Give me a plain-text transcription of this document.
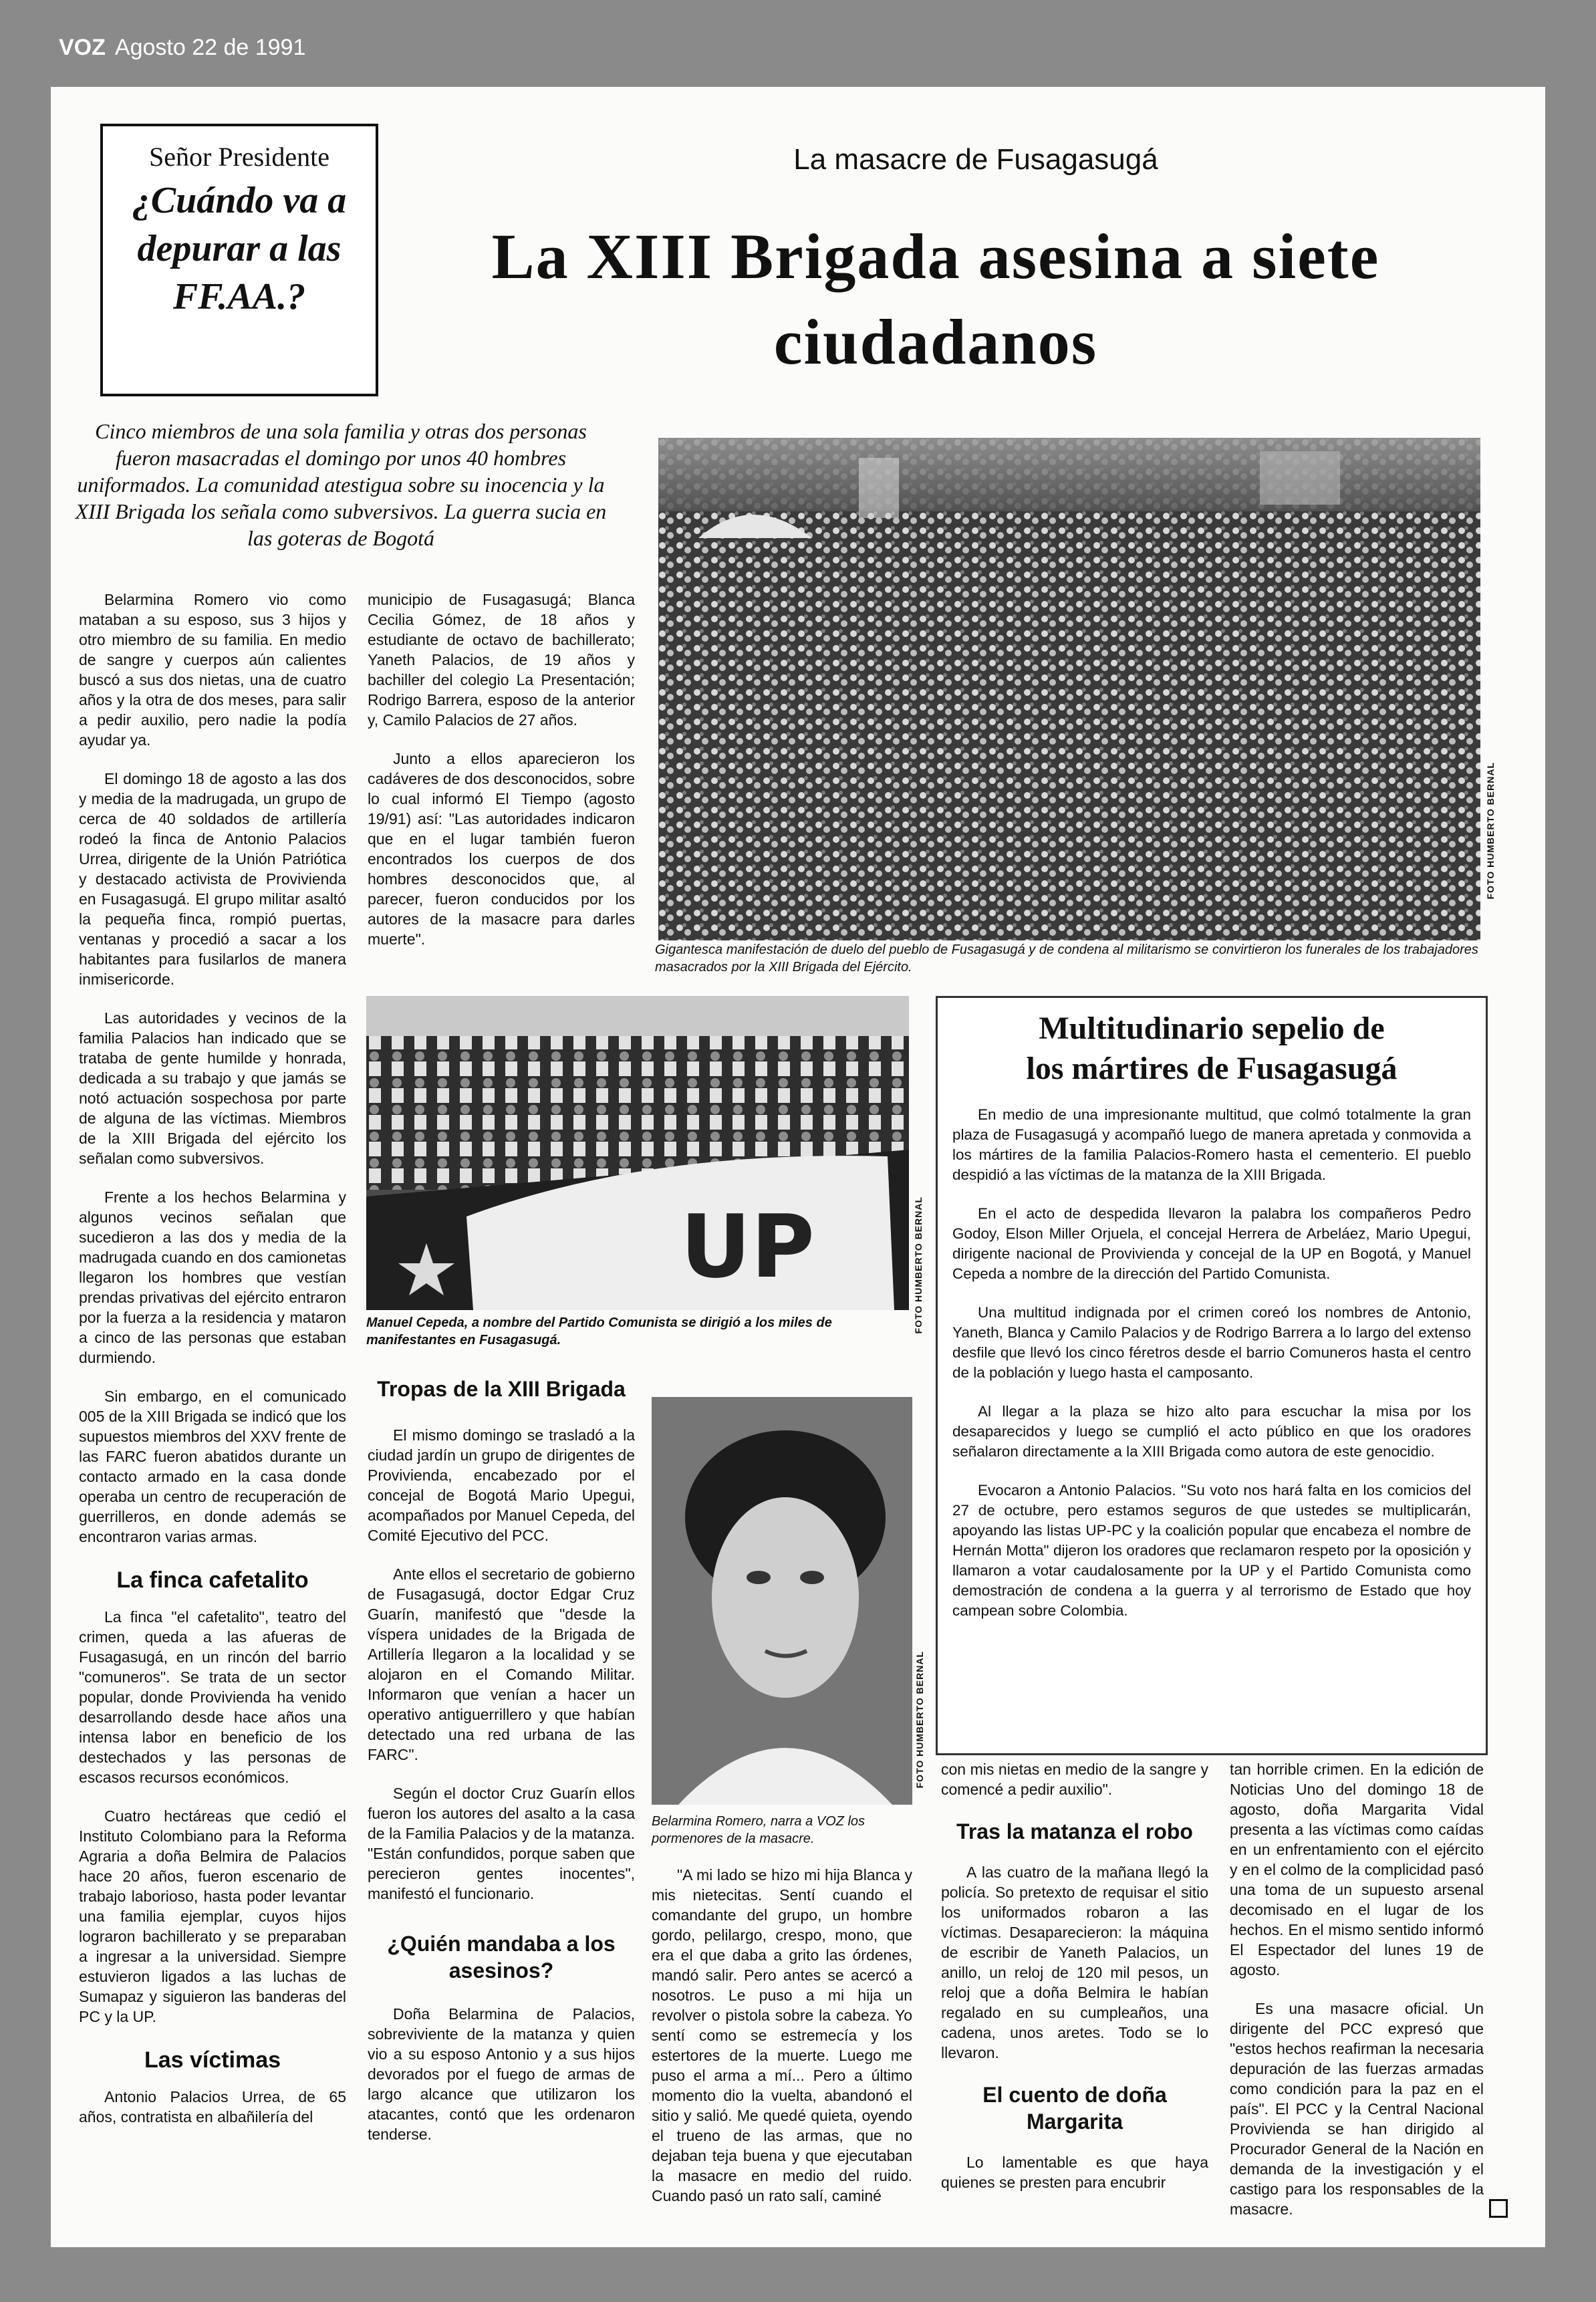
VOZ Agosto 22 de 1991
Señor Presidente
¿Cuándo va a depurar a las FF.AA.?
La masacre de Fusagasugá
La XIII Brigada asesina a siete ciudadanos
Cinco miembros de una sola familia y otras dos personas fueron masacradas el domingo por unos 40 hombres uniformados. La comunidad atestigua sobre su inocencia y la XIII Brigada los señala como subversivos. La guerra sucia en las goteras de Bogotá
FOTO HUMBERTO BERNAL
Gigantesca manifestación de duelo del pueblo de Fusagasugá y de condena al militarismo se convirtieron los funerales de los trabajadores masacrados por la XIII Brigada del Ejército.

Belarmina Romero vio como mataban a su esposo, sus 3 hijos y otro miembro de su familia. En medio de sangre y cuerpos aún calientes buscó a sus dos nietas, una de cuatro años y la otra de dos meses, para salir a pedir auxilio, pero nadie la podía ayudar ya.

El domingo 18 de agosto a las dos y media de la madrugada, un grupo de cerca de 40 soldados de artillería rodeó la finca de Antonio Palacios Urrea, dirigente de la Unión Patriótica y destacado activista de Provivienda en Fusagasugá. El grupo militar asaltó la pequeña finca, rompió puertas, ventanas y procedió a sacar a los habitantes para fusilarlos de manera inmisericorde.

Las autoridades y vecinos de la familia Palacios han indicado que se trataba de gente humilde y honrada, dedicada a su trabajo y que jamás se notó actuación sospechosa por parte de alguna de las víctimas. Miembros de la XIII Brigada del ejército los señalan como subversivos.

Frente a los hechos Belarmina y algunos vecinos señalan que sucedieron a las dos y media de la madrugada cuando en dos camionetas llegaron los hombres que vestían prendas privativas del ejército entraron por la fuerza a la residencia y mataron a cinco de las personas que estaban durmiendo.

Sin embargo, en el comunicado 005 de la XIII Brigada se indicó que los supuestos miembros del XXV frente de las FARC fueron abatidos durante un contacto armado en la casa donde operaba un centro de recuperación de guerrilleros, en donde además se encontraron varias armas.

La finca cafetalito

La finca "el cafetalito", teatro del crimen, queda a las afueras de Fusagasugá, en un rincón del barrio "comuneros". Se trata de un sector popular, donde Provivienda ha venido desarrollando desde hace años una intensa labor en beneficio de los destechados y las personas de escasos recursos económicos.

Cuatro hectáreas que cedió el Instituto Colombiano para la Reforma Agraria a doña Belmira de Palacios hace 20 años, fueron escenario de trabajo laborioso, hasta poder levantar una familia ejemplar, cuyos hijos lograron bachillerato y se preparaban a ingresar a la universidad. Siempre estuvieron ligados a las luchas de Sumapaz y siguieron las banderas del PC y la UP.

Las víctimas

Antonio Palacios Urrea, de 65 años, contratista en albañilería del

municipio de Fusagasugá; Blanca Cecilia Gómez, de 18 años y estudiante de octavo de bachillerato; Yaneth Palacios, de 19 años y bachiller del colegio La Presentación; Rodrigo Barrera, esposo de la anterior y, Camilo Palacios de 27 años.

Junto a ellos aparecieron los cadáveres de dos desconocidos, sobre lo cual informó El Tiempo (agosto 19/91) así: "Las autoridades indicaron que en el lugar también fueron encontrados los cuerpos de dos hombres desconocidos que, al parecer, fueron conducidos por los autores de la masacre para darles muerte".

UP	FOTO HUMBERTO BERNAL
Manuel Cepeda, a nombre del Partido Comunista se dirigió a los miles de manifestantes en Fusagasugá.
Tropas de la XIII Brigada

El mismo domingo se trasladó a la ciudad jardín un grupo de dirigentes de Provivienda, encabezado por el concejal de Bogotá Mario Upegui, acompañados por Manuel Cepeda, del Comité Ejecutivo del PCC.

Ante ellos el secretario de gobierno de Fusagasugá, doctor Edgar Cruz Guarín, manifestó que "desde la víspera unidades de la Brigada de Artillería llegaron a la localidad y se alojaron en el Comando Militar. Informaron que venían a hacer un operativo antiguerrillero y que habían detectado una red urbana de las FARC".

Según el doctor Cruz Guarín ellos fueron los autores del asalto a la casa de la Familia Palacios y de la matanza. "Están confundidos, porque saben que perecieron gentes inocentes", manifestó el funcionario.

¿Quién mandaba a los asesinos?

Doña Belarmina de Palacios, sobreviviente de la matanza y quien vio a su esposo Antonio y a sus hijos devorados por el fuego de armas de largo alcance que utilizaron los atacantes, contó que les ordenaron tenderse.

FOTO HUMBERTO BERNAL
Belarmina Romero, narra a VOZ los pormenores de la masacre.

"A mi lado se hizo mi hija Blanca y mis nietecitas. Sentí cuando el comandante del grupo, un hombre gordo, pelilargo, crespo, mono, que era el que daba a grito las órdenes, mandó salir. Pero antes se acercó a nosotros. Le puso a mi hija un revolver o pistola sobre la cabeza. Yo sentí como se estremecía y los estertores de la muerte. Luego me puso el arma a mí... Pero a último momento dio la vuelta, abandonó el sitio y salió. Me quedé quieta, oyendo el trueno de las armas, que no dejaban teja buena y que ejecutaban la masacre en medio del ruido. Cuando pasó un rato salí, caminé

con mis nietas en medio de la sangre y comencé a pedir auxilio".

Tras la matanza el robo

A las cuatro de la mañana llegó la policía. So pretexto de requisar el sitio los uniformados robaron a las víctimas. Desaparecieron: la máquina de escribir de Yaneth Palacios, un anillo, un reloj de 120 mil pesos, un reloj que a doña Belmira le habían regalado en su cumpleaños, una cadena, unos aretes. Todo se lo llevaron.

El cuento de doña Margarita

Lo lamentable es que haya quienes se presten para encubrir

tan horrible crimen. En la edición de Noticias Uno del domingo 18 de agosto, doña Margarita Vidal presenta a las víctimas como caídas en un enfrentamiento con el ejército y en el colmo de la complicidad pasó una toma de un supuesto arsenal decomisado en el lugar de los hechos. En el mismo sentido informó El Espectador del lunes 19 de agosto.

Es una masacre oficial. Un dirigente del PCC expresó que "estos hechos reafirman la necesaria depuración de las fuerzas armadas como condición para la paz en el país". El PCC y la Central Nacional Provivienda se han dirigido al Procurador General de la Nación en demanda de la investigación y el castigo para los responsables de la masacre.

Multitudinario sepelio de los mártires de Fusagasugá

En medio de una impresionante multitud, que colmó totalmente la gran plaza de Fusagasugá y acompañó luego de manera apretada y conmovida a los mártires de la familia Palacios-Romero hasta el cementerio. El pueblo despidió a las víctimas de la matanza de la XIII Brigada.

En el acto de despedida llevaron la palabra los compañeros Pedro Godoy, Elson Miller Orjuela, el concejal Herrera de Arbeláez, Mario Upegui, dirigente nacional de Provivienda y concejal de la UP en Bogotá, y Manuel Cepeda a nombre de la dirección del Partido Comunista.

Una multitud indignada por el crimen coreó los nombres de Antonio, Yaneth, Blanca y Camilo Palacios y de Rodrigo Barrera a lo largo del extenso desfile que llevó los cinco féretros desde el barrio Comuneros hasta el centro de la población y luego hasta el camposanto.

Al llegar a la plaza se hizo alto para escuchar la misa por los desaparecidos y luego se cumplió el acto público en que los oradores señalaron directamente a la XIII Brigada como autora de este genocidio.

Evocaron a Antonio Palacios. "Su voto nos hará falta en los comicios del 27 de octubre, pero estamos seguros de que ustedes se multiplicarán, apoyando las listas UP-PC y la coalición popular que encabeza el nombre de Hernán Motta" dijeron los oradores que reclamaron respeto por la oposición y llamaron a votar caudalosamente por la UP y el Partido Comunista como demostración de condena a la guerra y al terrorismo de Estado que hoy campean sobre Colombia.
